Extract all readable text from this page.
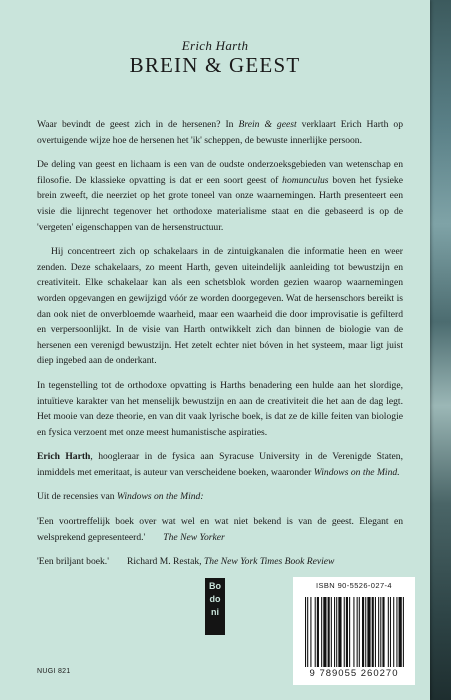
Erich Harth
BREIN & GEEST

Waar bevindt de geest zich in de hersenen? In Brein & geest verklaart Erich Harth op overtuigende wijze hoe de hersenen het 'ik' scheppen, de bewuste innerlijke persoon.

De deling van geest en lichaam is een van de oudste onderzoeksgebieden van wetenschap en filosofie. De klassieke opvatting is dat er een soort geest of homunculus boven het fysieke brein zweeft, die neerziet op het grote toneel van onze waarnemingen. Harth presenteert een visie die lijnrecht tegenover het orthodoxe materialisme staat en die gebaseerd is op de 'vergeten' eigenschappen van de hersenstructuur.

Hij concentreert zich op schakelaars in de zintuigkanalen die informatie heen en weer zenden. Deze schakelaars, zo meent Harth, geven uiteindelijk aanleiding tot bewustzijn en creativiteit. Elke schakelaar kan als een schetsblok worden gezien waarop waarnemingen worden opgevangen en gewijzigd vóór ze worden doorgegeven. Wat de hersenschors bereikt is dan ook niet de onverbloemde waarheid, maar een waarheid die door improvisatie is gefilterd en verpersoonlijkt. In de visie van Harth ontwikkelt zich dan binnen de biologie van de hersenen een verenigd bewustzijn. Het zetelt echter niet bóven in het systeem, maar ligt juist diep ingebed aan de onderkant.

In tegenstelling tot de orthodoxe opvatting is Harths benadering een hulde aan het slordige, intuïtieve karakter van het menselijk bewustzijn en aan de creativiteit die het aan de dag legt. Het mooie van deze theorie, en van dit vaak lyrische boek, is dat ze de kille feiten van biologie en fysica verzoent met onze meest humanistische aspiraties.

Erich Harth, hoogleraar in de fysica aan Syracuse University in de Verenigde Staten, inmiddels met emeritaat, is auteur van verscheidene boeken, waaronder Windows on the Mind.

Uit de recensies van Windows on the Mind:

'Een voortreffelijk boek over wat wel en wat niet bekend is van de geest. Elegant en welsprekend gepresenteerd.' The New Yorker

'Een briljant boek.' Richard M. Restak, The New York Times Book Review

Bo
do
ni
NUGI 821
ISBN 90-5526-027-4
9 789055 260270
